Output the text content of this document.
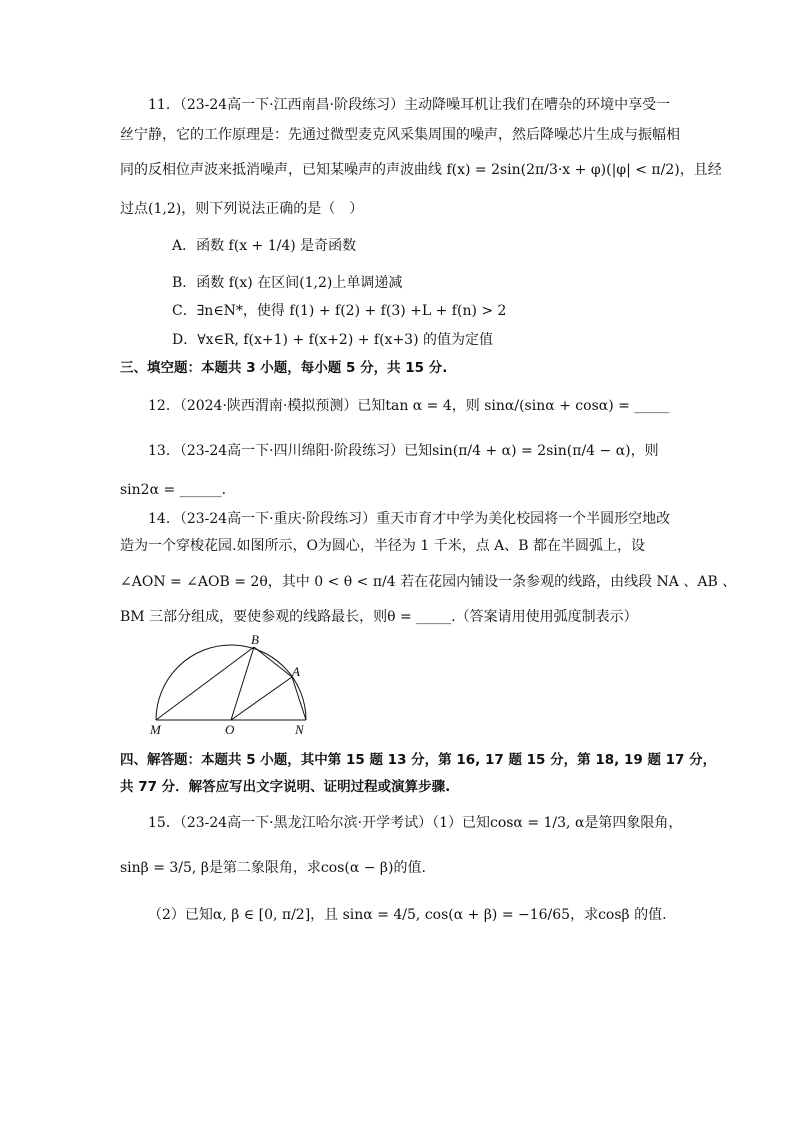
11．（23-24高一下·江西南昌·阶段练习）主动降噪耳机让我们在嘈杂的环境中享受一
丝宁静，它的工作原理是：先通过微型麦克风采集周围的噪声，然后降噪芯片生成与振幅相
同的反相位声波来抵消噪声，已知某噪声的声波曲线 f(x) = 2sin(2π/3·x + φ)(|φ| < π/2)，且经
过点(1,2)，则下列说法正确的是（　）
A．函数 f(x + 1/4) 是奇函数
B．函数 f(x) 在区间(1,2)上单调递减
C．∃n∈N*，使得 f(1) + f(2) + f(3) +L + f(n) > 2
D．∀x∈R, f(x+1) + f(x+2) + f(x+3) 的值为定值
三、填空题：本题共 3 小题，每小题 5 分，共 15 分.
12．（2024·陕西渭南·模拟预测）已知tan α = 4，则 sinα/(sinα + cosα) = _____
13．（23-24高一下·四川绵阳·阶段练习）已知sin(π/4 + α) = 2sin(π/4 − α)，则
sin2α = ______.
14．（23-24高一下·重庆·阶段练习）重天市育才中学为美化校园将一个半圆形空地改
造为一个穿梭花园.如图所示，O为圆心，半径为 1 千米，点 A、B 都在半圆弧上，设
∠AON = ∠AOB = 2θ，其中 0 < θ < π/4 若在花园内铺设一条参观的线路，由线段 NA 、AB 、
BM 三部分组成，要使参观的线路最长，则θ = _____.（答案请用使用弧度制表示）
B
A
M	O	N
四、解答题：本题共 5 小题，其中第 15 题 13 分，第 16, 17 题 15 分，第 18, 19 题 17 分，
共 77 分．解答应写出文字说明、证明过程或演算步骤.
15．（23-24高一下·黑龙江哈尔滨·开学考试）（1）已知cosα = 1/3, α是第四象限角，
sinβ = 3/5, β是第二象限角，求cos(α − β)的值.
（2）已知α, β ∈ [0, π/2]，且 sinα = 4/5, cos(α + β) = −16/65，求cosβ 的值.
